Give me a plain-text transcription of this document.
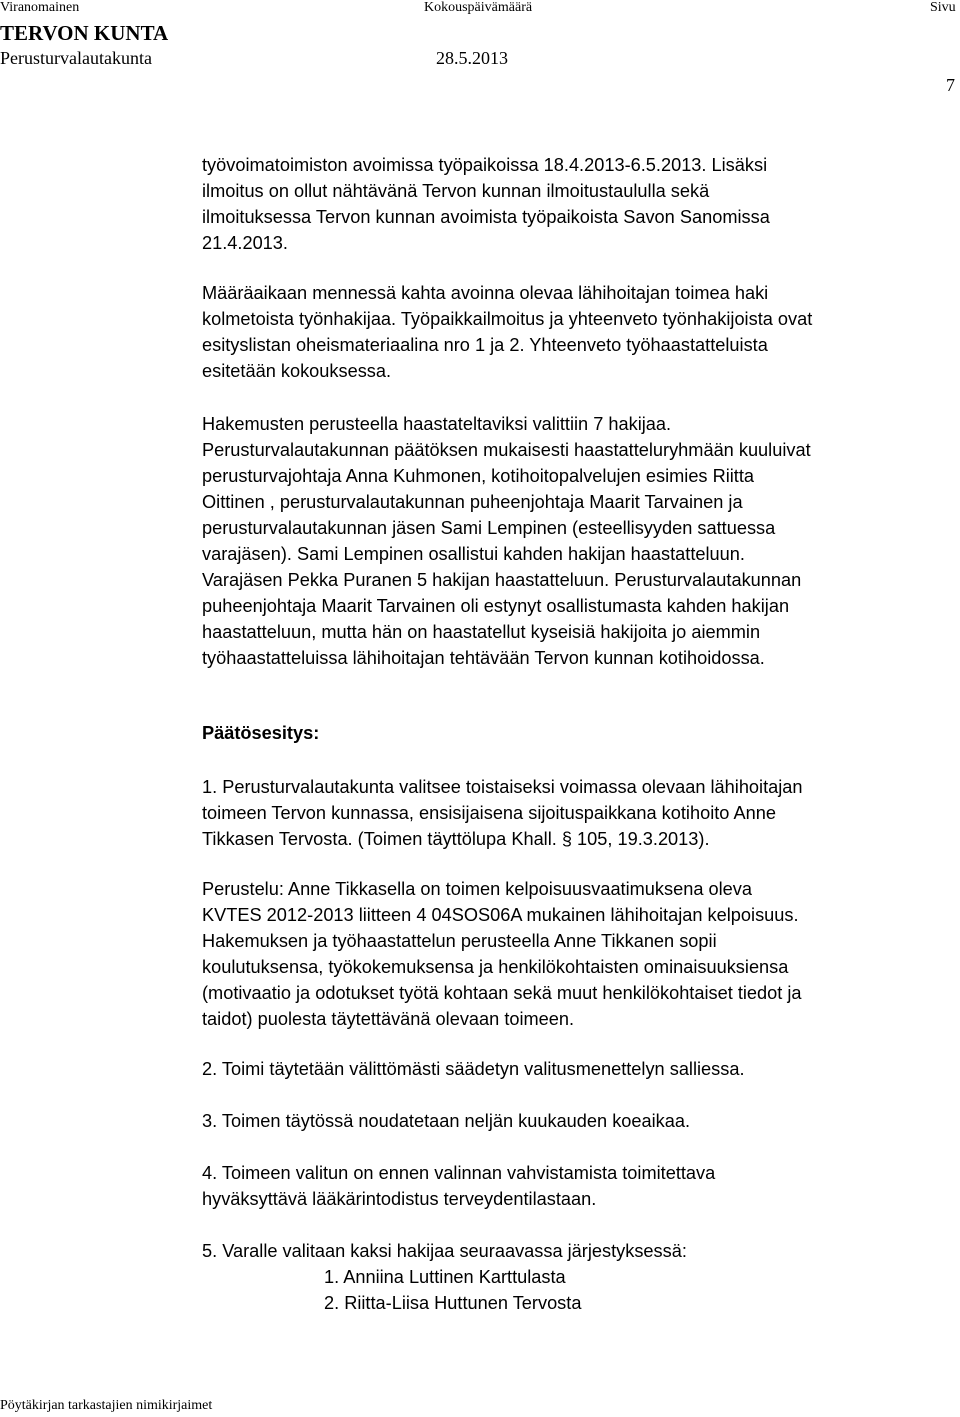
Viranomainen
TERVON KUNTA
Perusturvalautakunta
Kokouspäivämäärä
28.5.2013
Sivu
7

työvoimatoimiston avoimissa työpaikoissa 18.4.2013-6.5.2013. Lisäksi

ilmoitus on ollut nähtävänä Tervon kunnan ilmoitustaululla sekä

ilmoituksessa Tervon kunnan avoimista työpaikoista Savon Sanomissa

21.4.2013.

Määräaikaan mennessä kahta avoinna olevaa lähihoitajan toimea haki

kolmetoista työnhakijaa. Työpaikkailmoitus ja yhteenveto työnhakijoista ovat

esityslistan oheismateriaalina nro 1 ja 2. Yhteenveto työhaastatteluista

esitetään kokouksessa.

Hakemusten perusteella haastateltaviksi valittiin 7 hakijaa.

Perusturvalautakunnan päätöksen mukaisesti haastatteluryhmään kuuluivat

perusturvajohtaja Anna Kuhmonen, kotihoitopalvelujen esimies Riitta

Oittinen , perusturvalautakunnan puheenjohtaja Maarit Tarvainen ja

perusturvalautakunnan jäsen Sami Lempinen (esteellisyyden sattuessa

varajäsen). Sami Lempinen osallistui kahden hakijan haastatteluun.

Varajäsen Pekka Puranen 5 hakijan haastatteluun. Perusturvalautakunnan

puheenjohtaja Maarit Tarvainen oli estynyt osallistumasta kahden hakijan

haastatteluun, mutta hän on haastatellut kyseisiä hakijoita jo aiemmin

työhaastatteluissa lähihoitajan tehtävään Tervon kunnan kotihoidossa.

Päätösesitys:

1. Perusturvalautakunta valitsee toistaiseksi voimassa olevaan lähihoitajan

toimeen Tervon kunnassa, ensisijaisena sijoituspaikkana kotihoito Anne

Tikkasen Tervosta. (Toimen täyttölupa Khall. § 105, 19.3.2013).

Perustelu: Anne Tikkasella on toimen kelpoisuusvaatimuksena oleva

KVTES 2012-2013 liitteen 4 04SOS06A mukainen lähihoitajan kelpoisuus.

Hakemuksen ja työhaastattelun perusteella Anne Tikkanen sopii

koulutuksensa, työkokemuksensa ja henkilökohtaisten ominaisuuksiensa

(motivaatio ja odotukset työtä kohtaan sekä muut henkilökohtaiset tiedot ja

taidot) puolesta täytettävänä olevaan toimeen.

2. Toimi täytetään välittömästi säädetyn valitusmenettelyn salliessa.
3. Toimen täytössä noudatetaan neljän kuukauden koeaikaa.

4. Toimeen valitun on ennen valinnan vahvistamista toimitettava

hyväksyttävä lääkärintodistus terveydentilastaan.

5. Varalle valitaan kaksi hakijaa seuraavassa järjestyksessä:

1. Anniina Luttinen Karttulasta

2. Riitta-Liisa Huttunen Tervosta

Pöytäkirjan tarkastajien nimikirjaimet
